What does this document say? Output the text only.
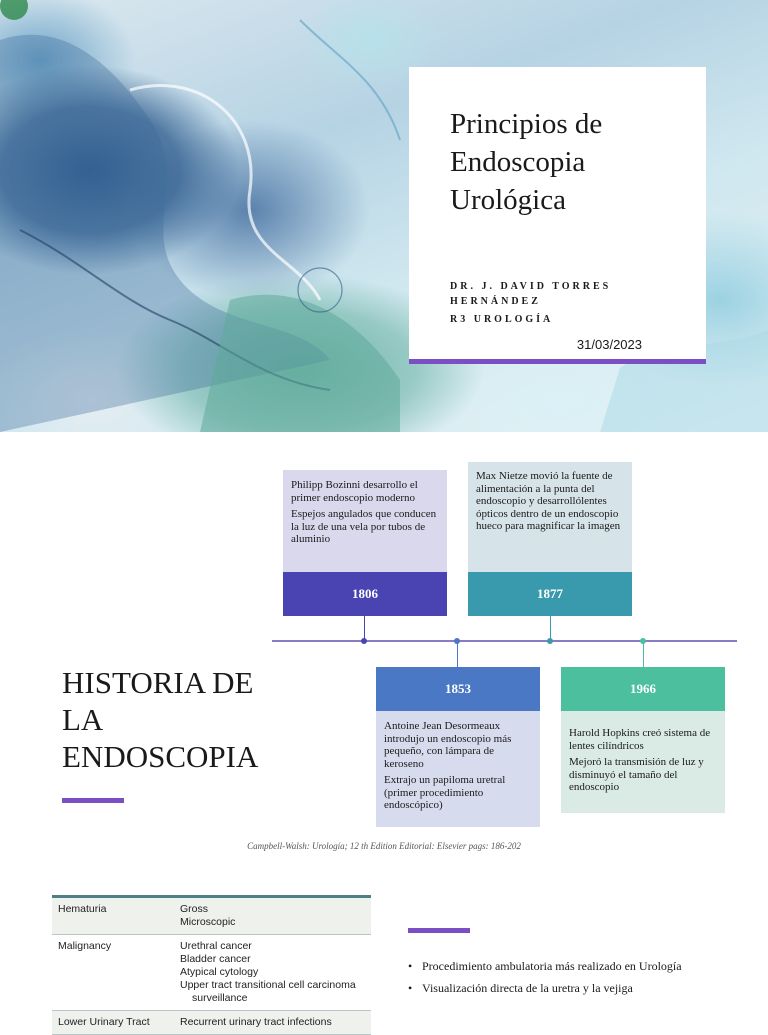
Principios de
Endoscopia
Urológica
DR. J. DAVID TORRES HERNÁNDEZ
R3 UROLOGÍA
31/03/2023
HISTORIA DE LA ENDOSCOPIA

Philipp Bozinni desarrollo el primer endoscopio moderno

Espejos angulados que conducen la luz de una vela por tubos de aluminio

1806

Max Nietze movió la fuente de alimentación a la punta del endoscopio y desarrollólentes ópticos dentro de un endoscopio hueco para magnificar la imagen

1877
1853

Antoine Jean Desormeaux introdujo un endoscopio más pequeño, con lámpara de keroseno

Extrajo un papiloma uretral (primer procedimiento endoscópico)

1966

Harold Hopkins creó sistema de lentes cilíndricos

Mejoró la transmisión de luz y disminuyó el tamaño del endoscopio

Campbell-Walsh: Urología; 12 th Edition Editorial: Elsevier pags: 186-202
Hematuria	Gross
Microscopic
Malignancy	Urethral cancer
Bladder cancer
Atypical cytology
Upper tract transitional cell carcinoma
surveillance
Lower Urinary Tract	Recurrent urinary tract infections
• Procedimiento ambulatoria más realizado en Urología
• Visualización directa de la uretra y la vejiga
